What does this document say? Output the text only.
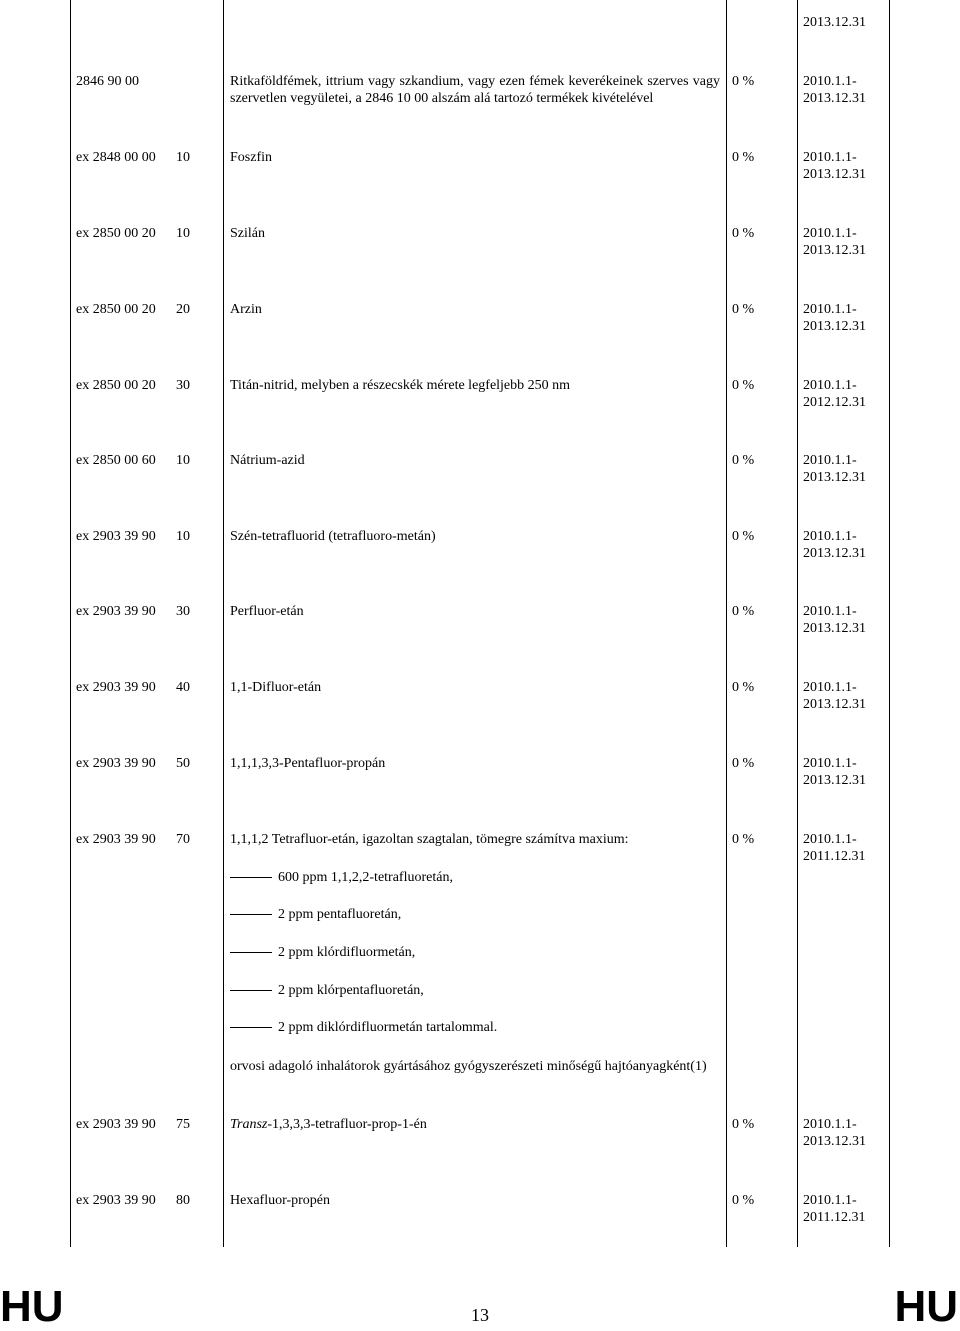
2013.12.31
2846 90 00	Ritkaföldfémek, ittrium vagy szkandium, vagy ezen fémek keverékeinek szerves vagy szervetlen vegyületei, a 2846 10 00 alszám alá tartozó termékek kivételével
0 %	2010.1.1-
2013.12.31
ex 2848 00 00 10	Foszfin	0 %	2010.1.1-
2013.12.31
ex 2850 00 20 10	Szilán	0 %	2010.1.1-
2013.12.31
ex 2850 00 20 20	Arzin	0 %	2010.1.1-
2013.12.31
ex 2850 00 20 30	Titán-nitrid, melyben a részecskék mérete legfeljebb 250 nm	0 %	2010.1.1-
2012.12.31
ex 2850 00 60 10	Nátrium-azid	0 %	2010.1.1-
2013.12.31
ex 2903 39 90 10	Szén-tetrafluorid (tetrafluoro-metán)	0 %	2010.1.1-
2013.12.31
ex 2903 39 90 30	Perfluor-etán	0 %	2010.1.1-
2013.12.31
ex 2903 39 90 40	1,1-Difluor-etán	0 %	2010.1.1-
2013.12.31
ex 2903 39 90 50	1,1,1,3,3-Pentafluor-propán	0 %	2010.1.1-
2013.12.31
ex 2903 39 90 70	1,1,1,2 Tetrafluor-etán, igazoltan szagtalan, tömegre számítva maxium:	0 %	2010.1.1-
2011.12.31
600 ppm 1,1,2,2-tetrafluoretán,
2 ppm pentafluoretán,
2 ppm klórdifluormetán,
2 ppm klórpentafluoretán,
2 ppm diklórdifluormetán tartalommal.
orvosi adagoló inhalátorok gyártásához gyógyszerészeti minőségű hajtóanyagként(1)
ex 2903 39 90 75	Transz-1,3,3,3-tetrafluor-prop-1-én	0 %	2010.1.1-
2013.12.31
ex 2903 39 90 80	Hexafluor-propén	0 %	2010.1.1-
2011.12.31
HU	13	HU
